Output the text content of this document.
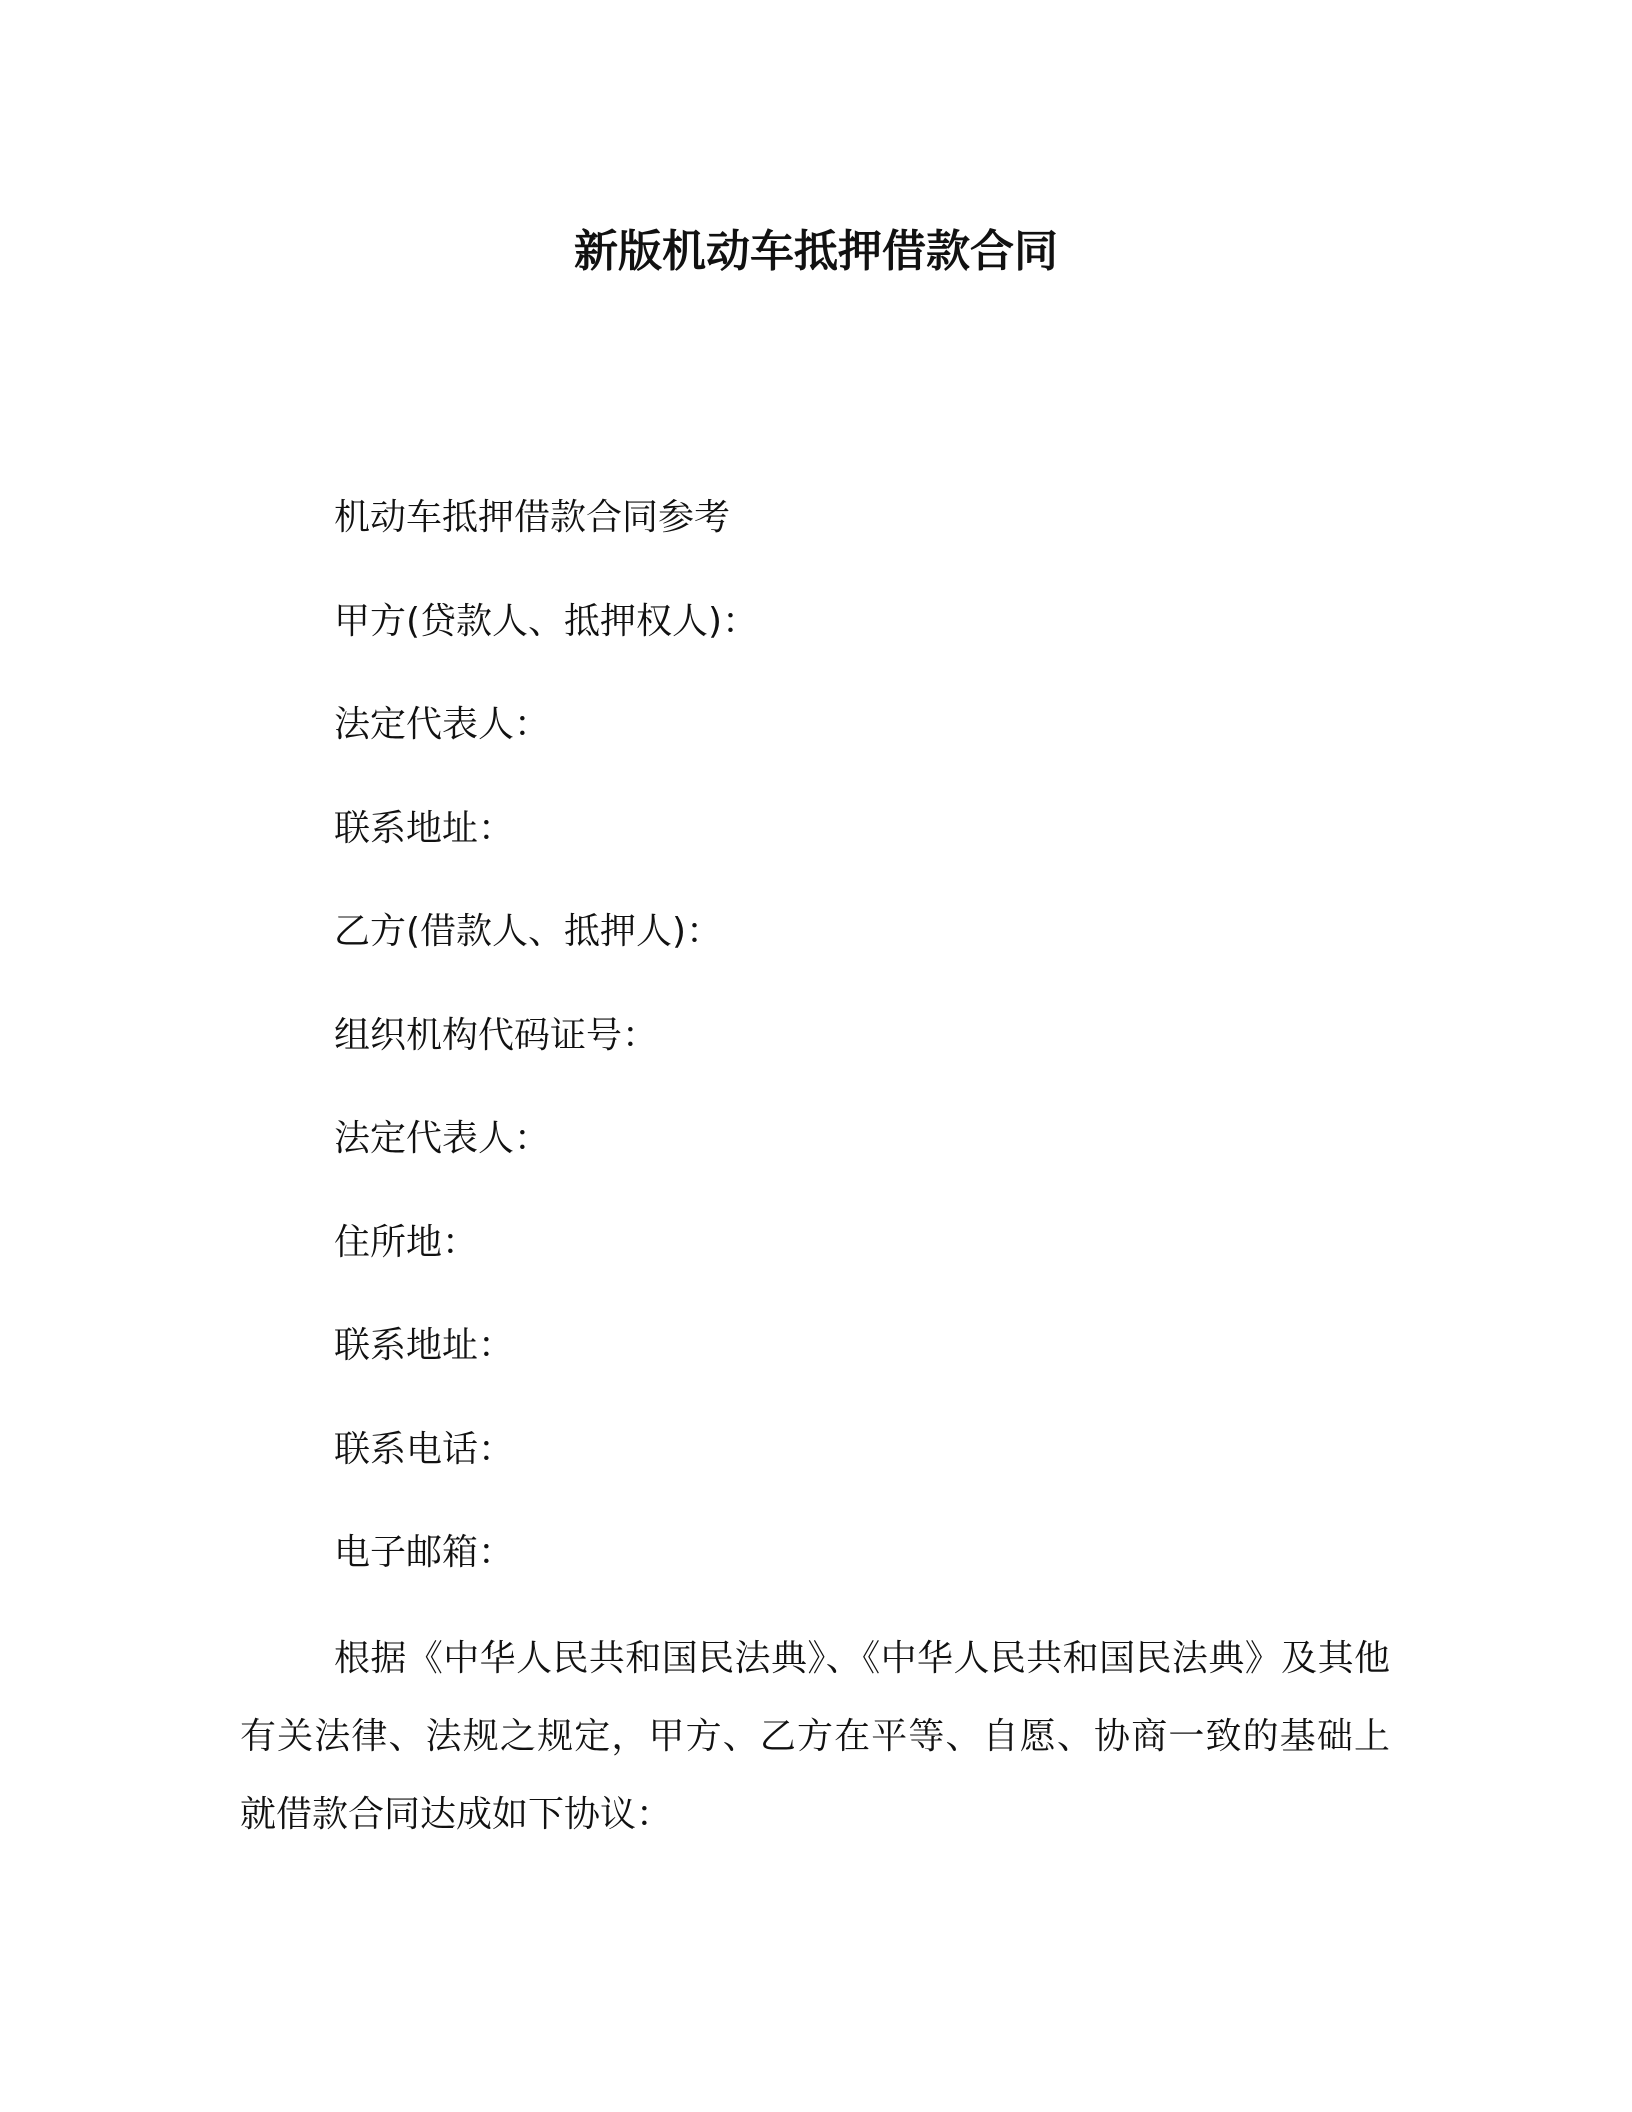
新版机动车抵押借款合同
机动车抵押借款合同参考
甲方(贷款人、抵押权人)：
法定代表人：
联系地址：
乙方(借款人、抵押人)：
组织机构代码证号：
法定代表人：
住所地：
联系地址：
联系电话：
电子邮箱：

根据《中华人民共和国民法典》、《中华人民共和国民法典》及其他有关法律、法规之规定，甲方、乙方在平等、自愿、协商一致的基础上就借款合同达成如下协议：
